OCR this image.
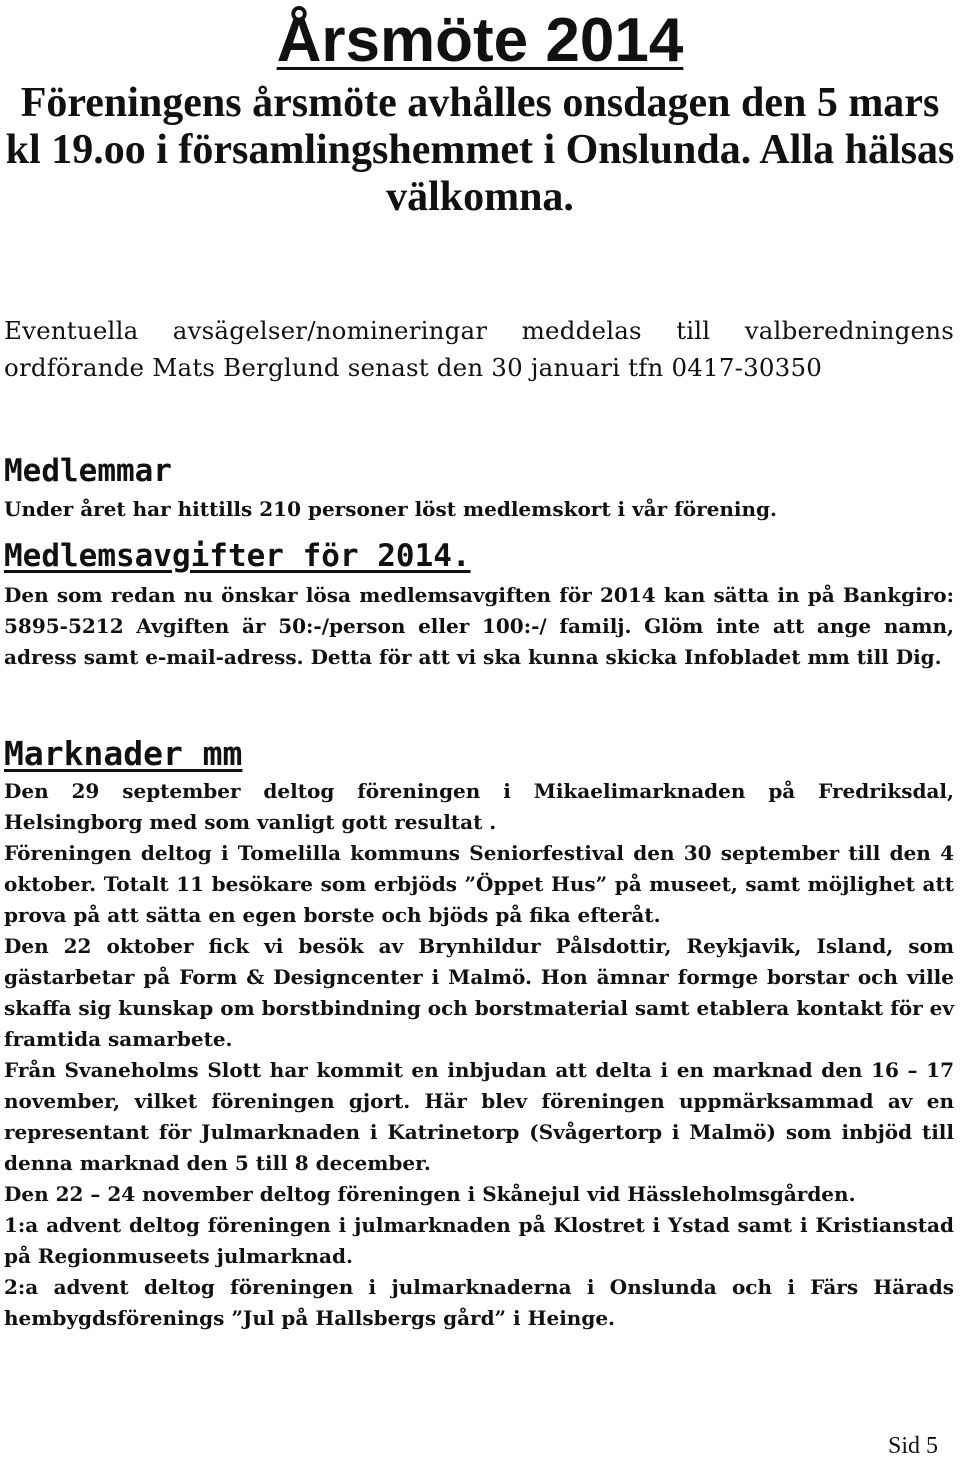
Årsmöte 2014

Föreningens årsmöte avhålles onsdagen den 5 mars kl 19.oo i församlingshemmet i Onslunda. Alla hälsas välkomna.

Eventuella avsägelser/nomineringar meddelas till valberedningens ordförande Mats Berglund senast den 30 januari tfn 0417-30350

Medlemmar

Under året har hittills 210 personer löst medlemskort i vår förening.

Medlemsavgifter för 2014.

Den som redan nu önskar lösa medlemsavgiften för 2014 kan sätta in på Bankgiro: 5895-5212 Avgiften är 50:-/person eller 100:-/ familj. Glöm inte att ange namn, adress samt e-mail-adress. Detta för att vi ska kunna skicka Infobladet mm till Dig.

Marknader mm

Den 29 september deltog föreningen i Mikaelimarknaden på Fredriksdal, Helsingborg med som vanligt gott resultat .

Föreningen deltog i Tomelilla kommuns Seniorfestival den 30 september till den 4 oktober. Totalt 11 besökare som erbjöds ”Öppet Hus” på museet, samt möjlighet att prova på att sätta en egen borste och bjöds på fika efteråt.

Den 22 oktober fick vi besök av Brynhildur Pålsdottir, Reykjavik, Island, som gästarbetar på Form & Designcenter i Malmö. Hon ämnar formge borstar och ville skaffa sig kunskap om borstbindning och borstmaterial samt etablera kontakt för ev framtida samarbete.

Från Svaneholms Slott har kommit en inbjudan att delta i en marknad den 16 – 17 november, vilket föreningen gjort. Här blev föreningen uppmärksammad av en representant för Julmarknaden i Katrinetorp (Svågertorp i Malmö) som inbjöd till denna marknad den 5 till 8 december.

Den 22 – 24 november deltog föreningen i Skånejul vid Hässleholmsgården.

1:a advent deltog föreningen i julmarknaden på Klostret i Ystad samt i Kristianstad på Regionmuseets julmarknad.

2:a advent deltog föreningen i julmarknaderna i Onslunda och i Färs Härads hembygdsförenings ”Jul på Hallsbergs gård” i Heinge.

Sid 5
